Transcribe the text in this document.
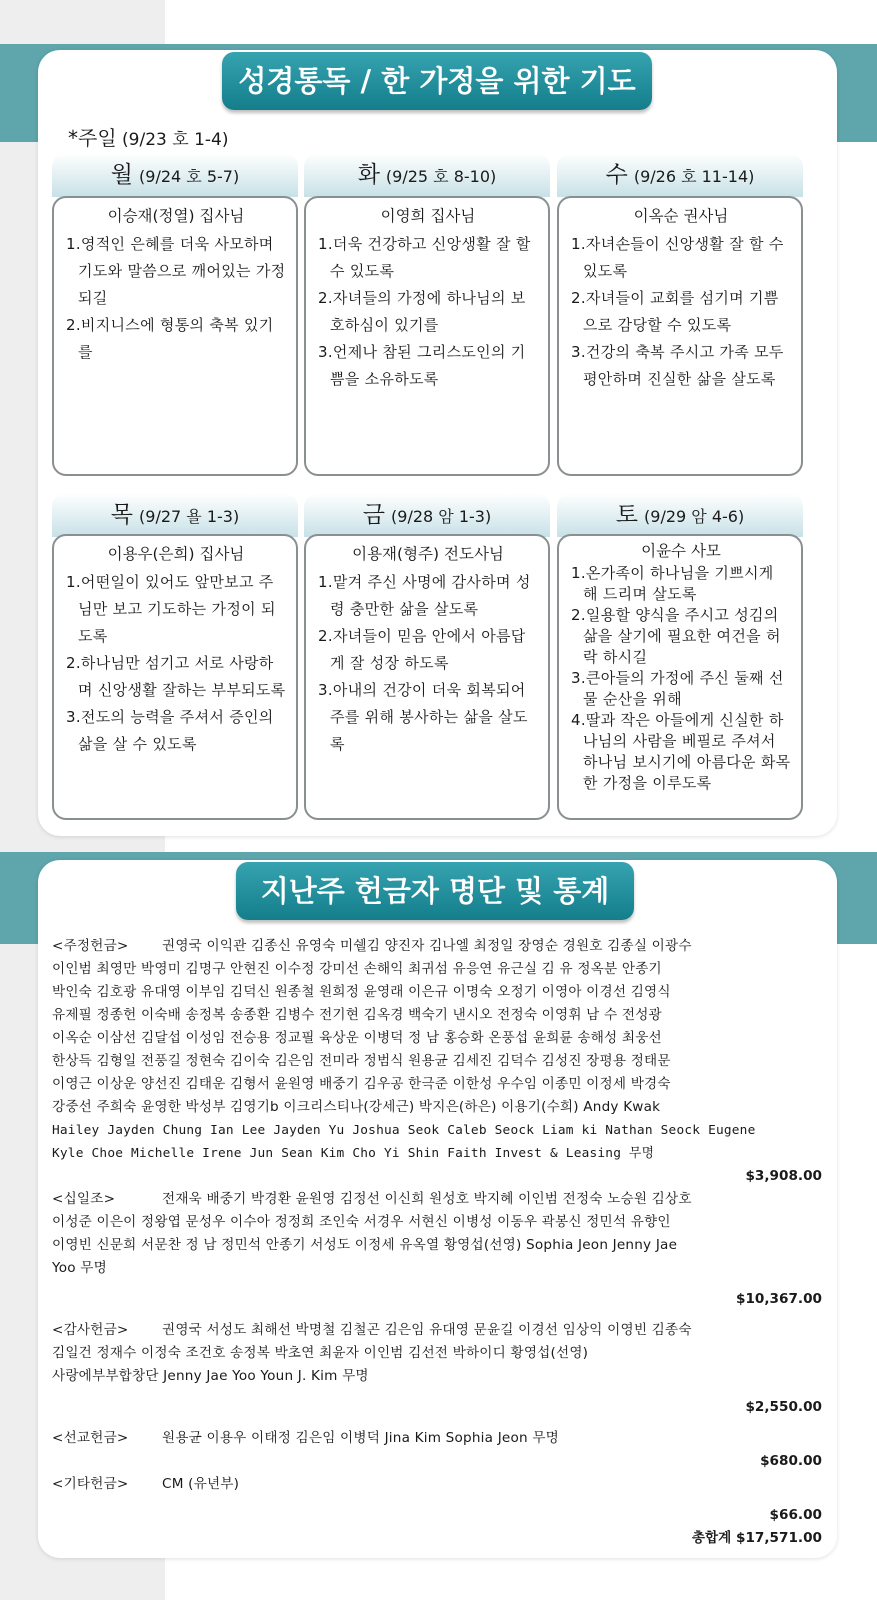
성경통독 / 한 가정을 위한 기도
*주일 (9/23 호 1-4)
월 (9/24 호 5-7)
이승재(정열) 집사님
1.영적인 은혜를 더욱 사모하며 기도와 말씀으로 깨어있는 가정되길
2.비지니스에 형통의 축복 있기를
화 (9/25 호 8-10)
이영희 집사님
1.더욱 건강하고 신앙생활 잘 할 수 있도록
2.자녀들의 가정에 하나님의 보호하심이 있기를
3.언제나 참된 그리스도인의 기쁨을 소유하도록
수 (9/26 호 11-14)
이옥순 권사님
1.자녀손들이 신앙생활 잘 할 수 있도록
2.자녀들이 교회를 섬기며 기쁨으로 감당할 수 있도록
3.건강의 축복 주시고 가족 모두 평안하며 진실한 삶을 살도록
목 (9/27 욜 1-3)
이용우(은희) 집사님
1.어떤일이 있어도 앞만보고 주님만 보고 기도하는 가정이 되도록
2.하나님만 섬기고 서로 사랑하며 신앙생활 잘하는 부부되도록
3.전도의 능력을 주셔서 증인의 삶을 살 수 있도록
금 (9/28 암 1-3)
이용재(형주) 전도사님
1.맡겨 주신 사명에 감사하며 성령 충만한 삶을 살도록
2.자녀들이 믿음 안에서 아름답게 잘 성장 하도록
3.아내의 건강이 더욱 회복되어 주를 위해 봉사하는 삶을 살도록
토 (9/29 암 4-6)
이윤수 사모
1.온가족이 하나님을 기쁘시게 해 드리며 살도록
2.일용할 양식을 주시고 성김의 삶을 살기에 필요한 여건을 허락 하시길
3.큰아들의 가정에 주신 둘째 선물 순산을 위해
4.딸과 작은 아들에게 신실한 하나님의 사람을 베필로 주셔서 하나님 보시기에 아름다운 화목한 가정을 이루도록
지난주 헌금자 명단 및 통계
<주정헌금> 권영국 이익관 김종신 유영숙 미쉘김 양진자 김나엘 최정일 장영순 경원호 김종실 이광수
이인범 최영만 박영미 김명구 안현진 이수정 강미선 손해익 최귀섬 유응연 유근실 김 유 정옥분 안종기
박인숙 김호광 유대영 이부임 김덕신 원종철 원희정 윤영래 이은규 이명숙 오정기 이영아 이경선 김영식
유제필 정종헌 이숙배 송정복 송종환 김병수 전기현 김옥경 백숙기 낸시오 전정숙 이영휘 남 수 전성광
이옥순 이삼선 김달섭 이성임 전승용 정교필 육상운 이병덕 정 남 홍승화 온풍섭 윤희륜 송해성 최웅선
한상득 김형일 전풍길 정현숙 김이숙 김은임 전미라 정범식 원용균 김세진 김덕수 김성진 장평용 정태문
이영근 이상운 양선진 김태운 김형서 윤원영 배중기 김우공 한극준 이한성 우수임 이종민 이정세 박경숙
강중선 주희숙 윤영한 박성부 김영기b 이크리스티나(강세근) 박지은(하은) 이용기(수희) Andy Kwak
Hailey Jayden Chung Ian Lee Jayden Yu Joshua Seok Caleb Seock Liam ki Nathan Seock Eugene
Kyle Choe Michelle Irene Jun Sean Kim Cho Yi Shin Faith Invest & Leasing 무명
$3,908.00
<십일조>	전재욱 배중기 박경환 윤원영 김정선 이신희 원성호 박지혜 이인범 전정숙 노승원 김상호
이성준 이은이 정왕엽 문성우 이수아 정정희 조인숙 서경우 서현신 이병성 이동우 곽봉신 정민석 유향인
이영빈 신문희 서문찬 정 남 정민석 안종기 서성도 이정세 유옥열 황영섭(선영) Sophia Jeon Jenny Jae
Yoo 무명
$10,367.00
<감사헌금> 권영국 서성도 최해선 박명철 김철곤 김은임 유대영 문윤길 이경선 임상익 이영빈 김종숙
김일건 정재수 이정숙 조건호 송정복 박초연 최윤자 이인범 김선전 박하이디 황영섭(선영)
사랑에부부합창단 Jenny Jae Yoo Youn J. Kim 무명
$2,550.00
<선교헌금> 원용균 이용우 이태정 김은임 이병덕 Jina Kim Sophia Jeon 무명
$680.00
<기타헌금> CM (유년부)
$66.00
총합계 $17,571.00
